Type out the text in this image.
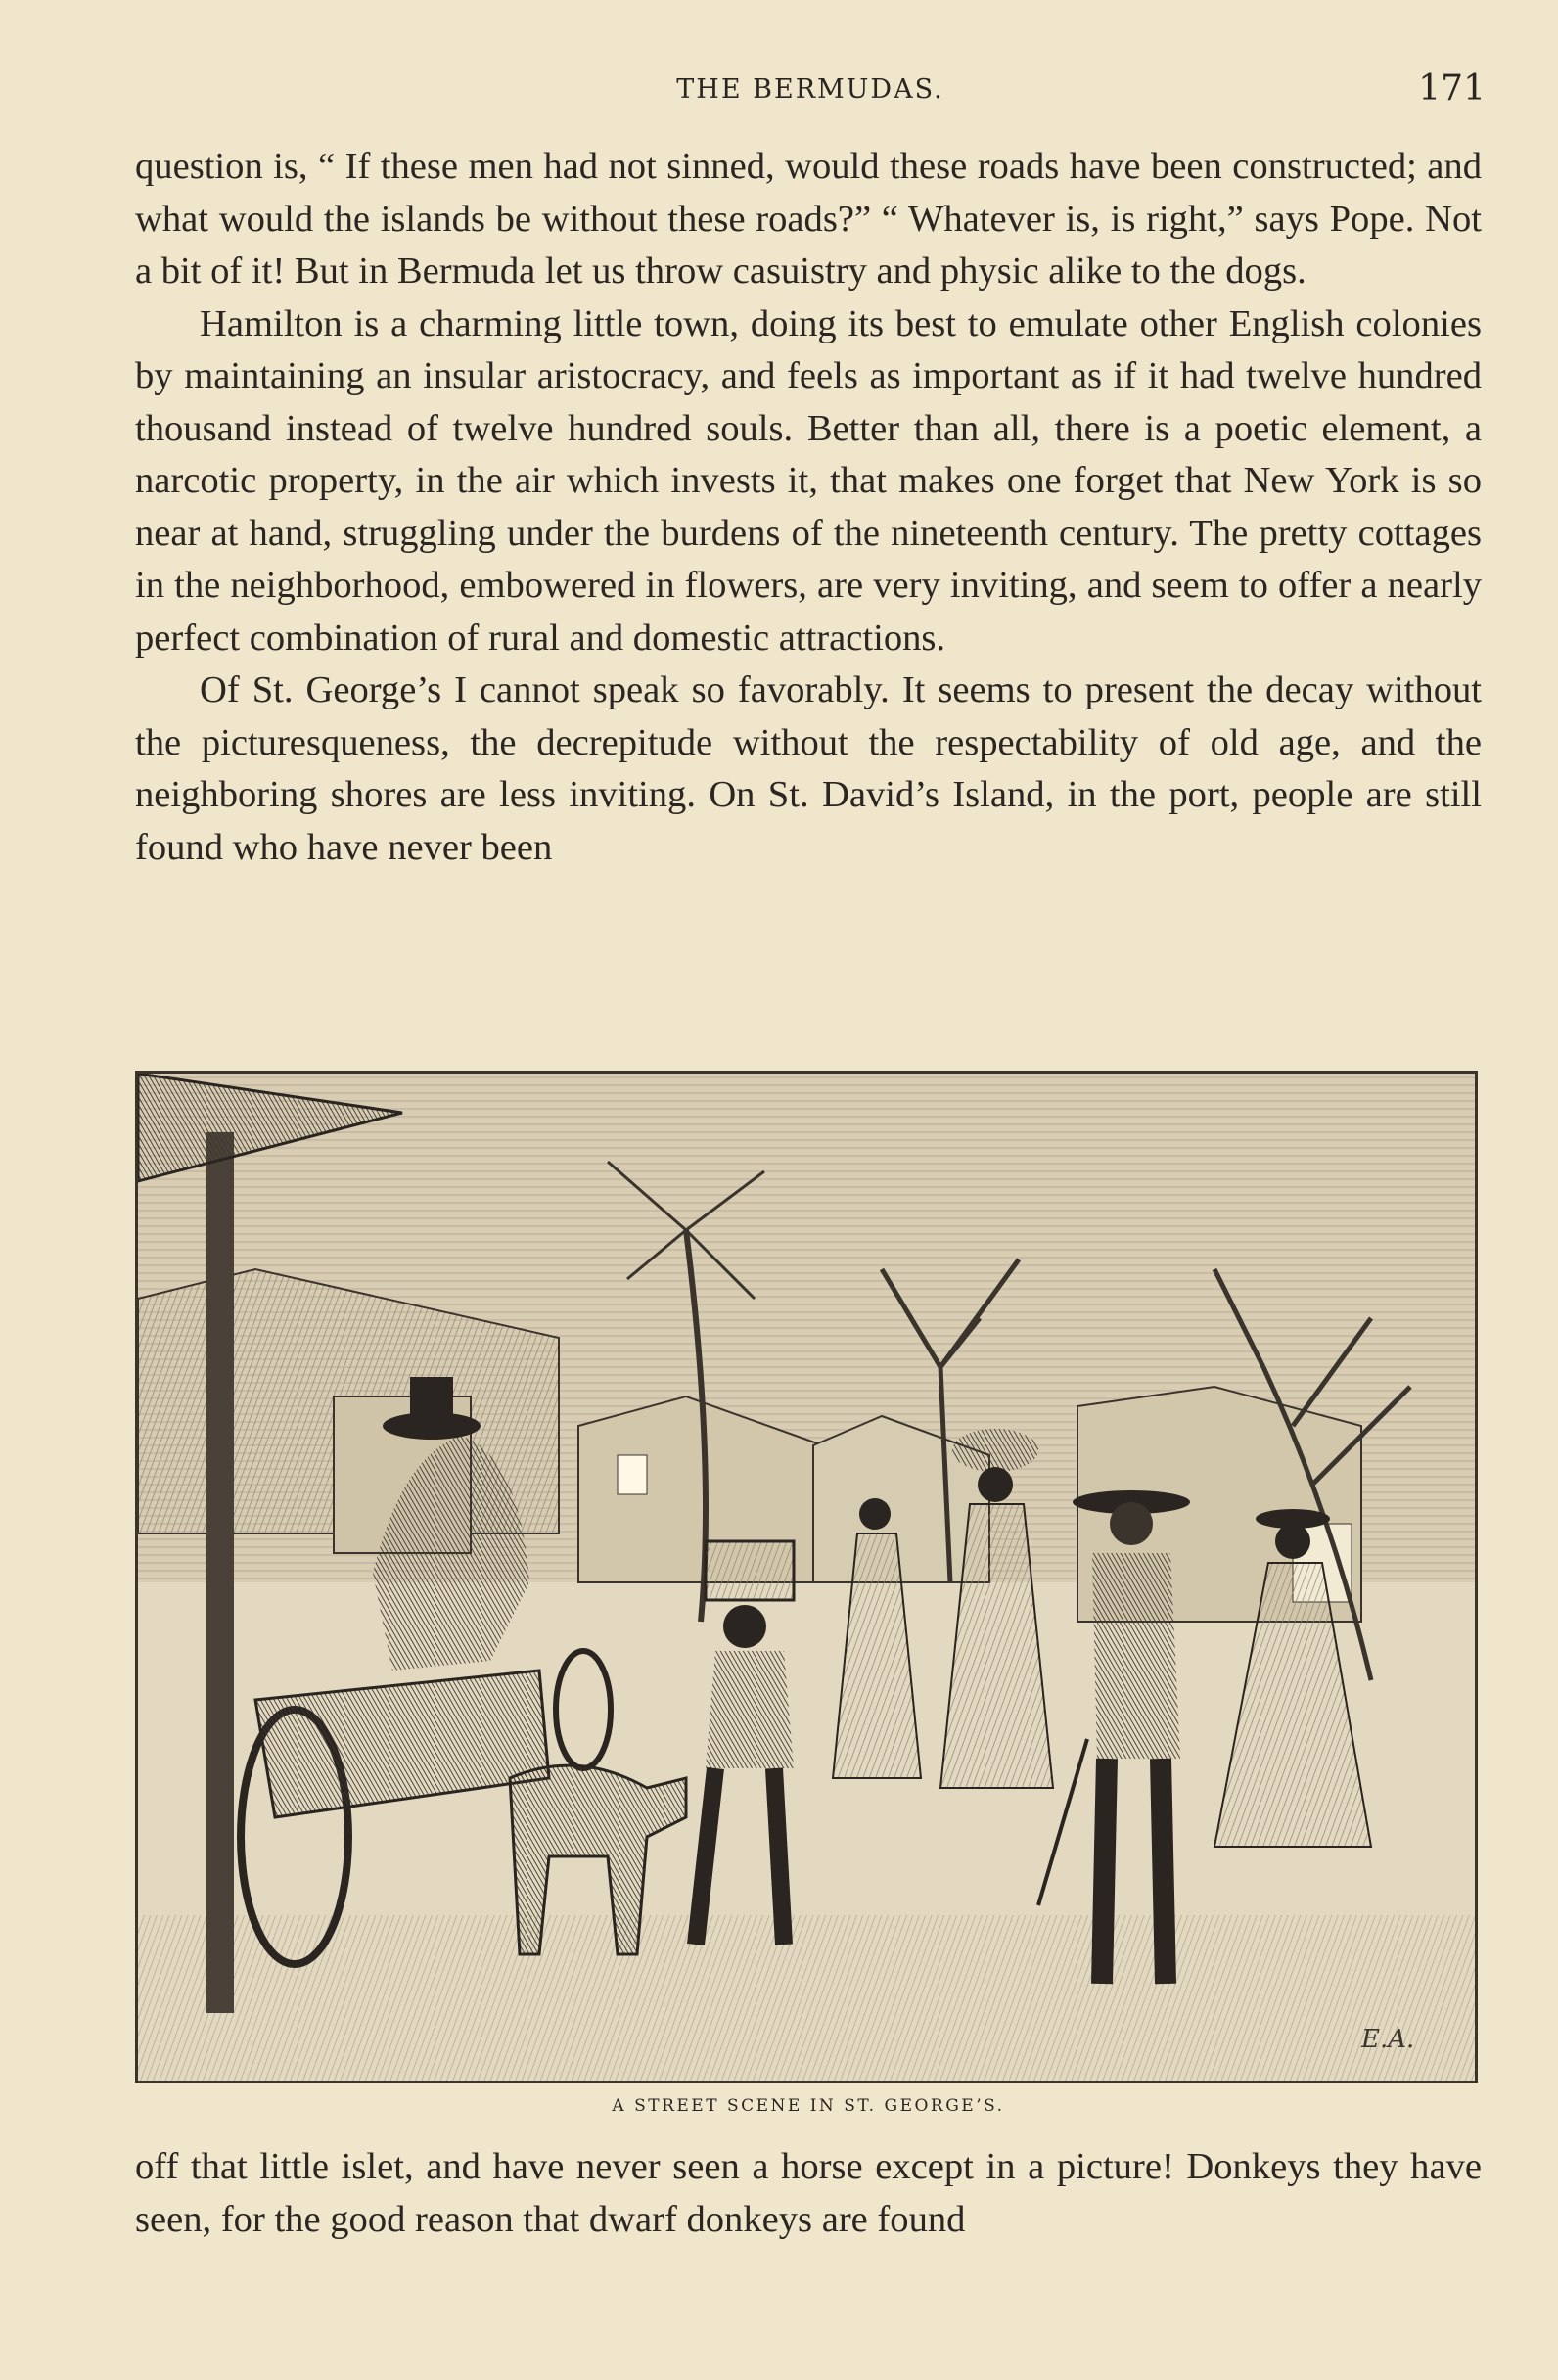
THE BERMUDAS.	171

question is, “ If these men had not sinned, would these roads have been constructed; and what would the islands be without these roads?” “ Whatever is, is right,” says Pope. Not a bit of it! But in Bermuda let us throw casuistry and physic alike to the dogs.

Hamilton is a charming little town, doing its best to emulate other English colonies by maintaining an insular aristocracy, and feels as important as if it had twelve hundred thousand instead of twelve hundred souls. Better than all, there is a poetic element, a narcotic property, in the air which invests it, that makes one forget that New York is so near at hand, struggling under the burdens of the nineteenth century. The pretty cottages in the neighborhood, embowered in flowers, are very inviting, and seem to offer a nearly perfect combination of rural and domestic attractions.

Of St. George’s I cannot speak so favorably. It seems to present the decay without the picturesqueness, the decrepitude without the respectability of old age, and the neighboring shores are less inviting. On St. David’s Island, in the port, people are still found who have never been

E.A.
A STREET SCENE IN ST. GEORGE’S.

off that little islet, and have never seen a horse except in a picture! Donkeys they have seen, for the good reason that dwarf donkeys are found
